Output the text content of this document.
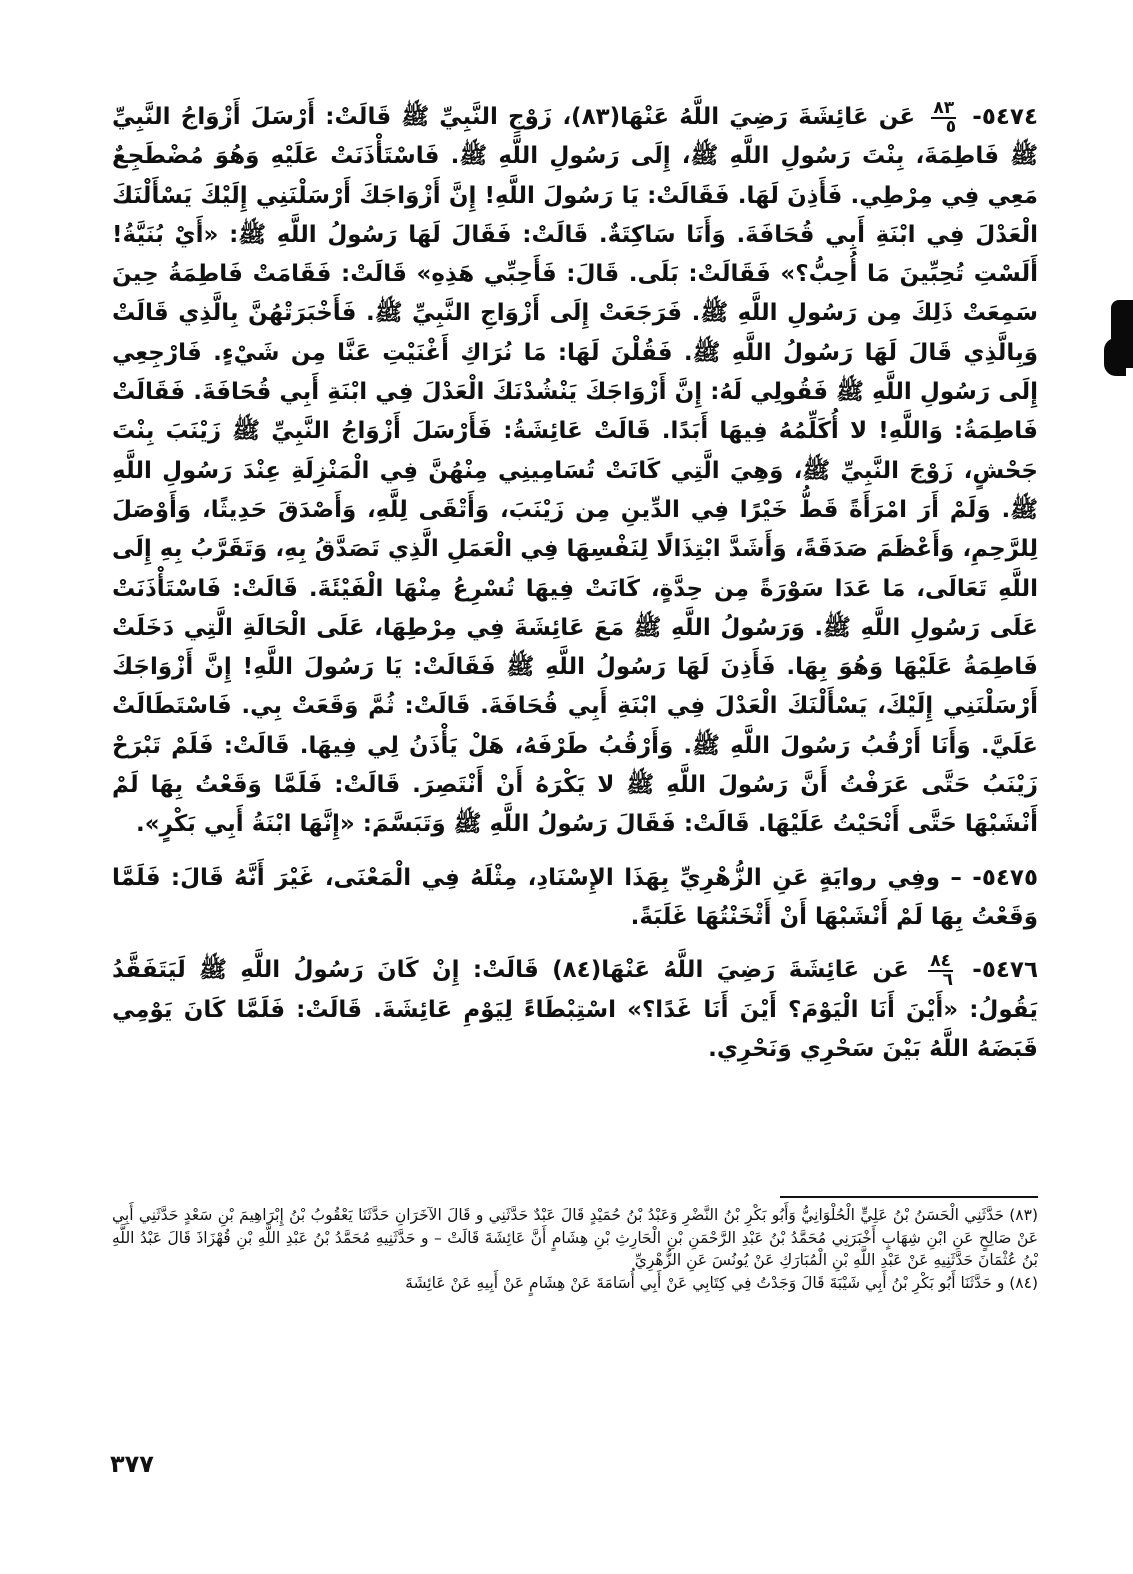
٥٤٧٤-
$\frac{٨٣}{٥}$
عَن عَائِشَةَ رَضِيَ اللَّهُ عَنْهَا(٨٣)، زَوْجِ النَّبِيِّ ﷺ قَالَتْ: أَرْسَلَ أَزْوَاجُ النَّبِيِّ ﷺ فَاطِمَةَ، بِنْتَ رَسُولِ اللَّهِ ﷺ، إِلَى رَسُولِ اللَّهِ ﷺ. فَاسْتَأْذَنَتْ عَلَيْهِ وَهُوَ مُضْطَجِعٌ مَعِي فِي مِرْطِي. فَأَذِنَ لَهَا. فَقَالَتْ: يَا رَسُولَ اللَّهِ! إِنَّ أَزْوَاجَكَ أَرْسَلْنَنِي إِلَيْكَ يَسْأَلْنَكَ الْعَدْلَ فِي ابْنَةِ أَبِي قُحَافَةَ. وَأَنَا سَاكِتَةٌ. قَالَتْ: فَقَالَ لَهَا رَسُولُ اللَّهِ ﷺ: «أَيْ بُنَيَّةُ! أَلَسْتِ تُحِبِّينَ مَا أُحِبُّ؟» فَقَالَتْ: بَلَى. قَالَ: فَأَحِبِّي هَذِهِ» قَالَتْ: فَقَامَتْ فَاطِمَةُ حِينَ سَمِعَتْ ذَلِكَ مِن رَسُولِ اللَّهِ ﷺ. فَرَجَعَتْ إِلَى أَزْوَاجِ النَّبِيِّ ﷺ. فَأَخْبَرَتْهُنَّ بِالَّذِي قَالَتْ وَبِالَّذِي قَالَ لَهَا رَسُولُ اللَّهِ ﷺ. فَقُلْنَ لَهَا: مَا نُرَاكِ أَغْنَيْتِ عَنَّا مِن شَيْءٍ. فَارْجِعِي إِلَى رَسُولِ اللَّهِ ﷺ فَقُولِي لَهُ: إِنَّ أَزْوَاجَكَ يَنْشُدْنَكَ الْعَدْلَ فِي ابْنَةِ أَبِي قُحَافَةَ. فَقَالَتْ فَاطِمَةُ: وَاللَّهِ! لا أُكَلِّمُهُ فِيهَا أَبَدًا. قَالَتْ عَائِشَةُ: فَأَرْسَلَ أَزْوَاجُ النَّبِيِّ ﷺ زَيْنَبَ بِنْتَ جَحْشٍ، زَوْجَ النَّبِيِّ ﷺ، وَهِيَ الَّتِي كَانَتْ تُسَامِينِي مِنْهُنَّ فِي الْمَنْزِلَةِ عِنْدَ رَسُولِ اللَّهِ ﷺ. وَلَمْ أَرَ امْرَأَةً قَطُّ خَيْرًا فِي الدِّينِ مِن زَيْنَبَ، وَأَتْقَى لِلَّهِ، وَأَصْدَقَ حَدِيثًا، وَأَوْصَلَ لِلرَّحِمِ، وَأَعْظَمَ صَدَقَةً، وَأَشَدَّ ابْتِذَالًا لِنَفْسِهَا فِي الْعَمَلِ الَّذِي تَصَدَّقُ بِهِ، وَتَقَرَّبُ بِهِ إِلَى اللَّهِ تَعَالَى، مَا عَدَا سَوْرَةً مِن حِدَّةٍ، كَانَتْ فِيهَا تُسْرِعُ مِنْهَا الْفَيْئَةَ. قَالَتْ: فَاسْتَأْذَنَتْ عَلَى رَسُولِ اللَّهِ ﷺ. وَرَسُولُ اللَّهِ ﷺ مَعَ عَائِشَةَ فِي مِرْطِهَا، عَلَى الْحَالَةِ الَّتِي دَخَلَتْ فَاطِمَةُ عَلَيْهَا وَهُوَ بِهَا. فَأَذِنَ لَهَا رَسُولُ اللَّهِ ﷺ فَقَالَتْ: يَا رَسُولَ اللَّهِ! إِنَّ أَزْوَاجَكَ أَرْسَلْنَنِي إِلَيْكَ، يَسْأَلْنَكَ الْعَدْلَ فِي ابْنَةِ أَبِي قُحَافَةَ. قَالَتْ: ثُمَّ وَقَعَتْ بِي. فَاسْتَطَالَتْ عَلَيَّ. وَأَنَا أَرْقُبُ رَسُولَ اللَّهِ ﷺ. وَأَرْقُبُ طَرْفَهُ، هَلْ يَأْذَنُ لِي فِيهَا. قَالَتْ: فَلَمْ تَبْرَحْ زَيْنَبُ حَتَّى عَرَفْتُ أَنَّ رَسُولَ اللَّهِ ﷺ لا يَكْرَهُ أَنْ أَنْتَصِرَ. قَالَتْ: فَلَمَّا وَقَعْتُ بِهَا لَمْ أَنْشَبْهَا حَتَّى أَنْحَيْتُ عَلَيْهَا. قَالَتْ: فَقَالَ رَسُولُ اللَّهِ ﷺ وَتَبَسَّمَ: «إِنَّهَا ابْنَةُ أَبِي بَكْرٍ».

٥٤٧٥- – وفِي روايَةٍ عَنِ الزُّهْرِيِّ بِهَذَا الإِسْنَادِ، مِثْلَهُ فِي الْمَعْنَى، غَيْرَ أَنَّهُ قَالَ: فَلَمَّا وَقَعْتُ بِهَا لَمْ أَنْشَبْهَا أَنْ أَثْخَنْتُهَا غَلَبَةً.

٥٤٧٦-
$\frac{٨٤}{٦}$
عَن عَائِشَةَ رَضِيَ اللَّهُ عَنْهَا(٨٤) قَالَتْ: إِنْ كَانَ رَسُولُ اللَّهِ ﷺ لَيَتَفَقَّدُ يَقُولُ: «أَيْنَ أَنَا الْيَوْمَ؟ أَيْنَ أَنَا غَدًا؟» اسْتِبْطَاءً لِيَوْمِ عَائِشَةَ. قَالَتْ: فَلَمَّا كَانَ يَوْمِي قَبَضَهُ اللَّهُ بَيْنَ سَحْرِي وَنَحْرِي.

(٨٣) حَدَّثَنِي الْحَسَنُ بْنُ عَلِيٍّ الْحُلْوَانِيُّ وَأَبُو بَكْرِ بْنُ النَّضْرِ وَعَبْدُ بْنُ حُمَيْدٍ قَالَ عَبْدٌ حَدَّثَنِي و قَالَ الآخَرَانِ حَدَّثَنَا يَعْقُوبُ بْنُ إِبْرَاهِيمَ بْنِ سَعْدٍ حَدَّثَنِي أَبِي عَنْ صَالِحٍ عَنِ ابْنِ شِهَابٍ أَخْبَرَنِي مُحَمَّدُ بْنُ عَبْدِ الرَّحْمَنِ بْنِ الْحَارِثِ بْنِ هِشَامٍ أَنَّ عَائِشَةَ قَالَتْ – و حَدَّثَنِيهِ مُحَمَّدُ بْنُ عَبْدِ اللَّهِ بْنِ قُهْزَاذَ قَالَ عَبْدُ اللَّهِ بْنُ عُثْمَانَ حَدَّثَنِيهِ عَنْ عَبْدِ اللَّهِ بْنِ الْمُبَارَكِ عَنْ يُونُسَ عَنِ الزُّهْرِيِّ

(٨٤) و حَدَّثَنَا أَبُو بَكْرِ بْنُ أَبِي شَيْبَةَ قَالَ وَجَدْتُ فِي كِتَابِي عَنْ أَبِي أُسَامَةَ عَنْ هِشَامٍ عَنْ أَبِيهِ عَنْ عَائِشَةَ

٣٧٧
